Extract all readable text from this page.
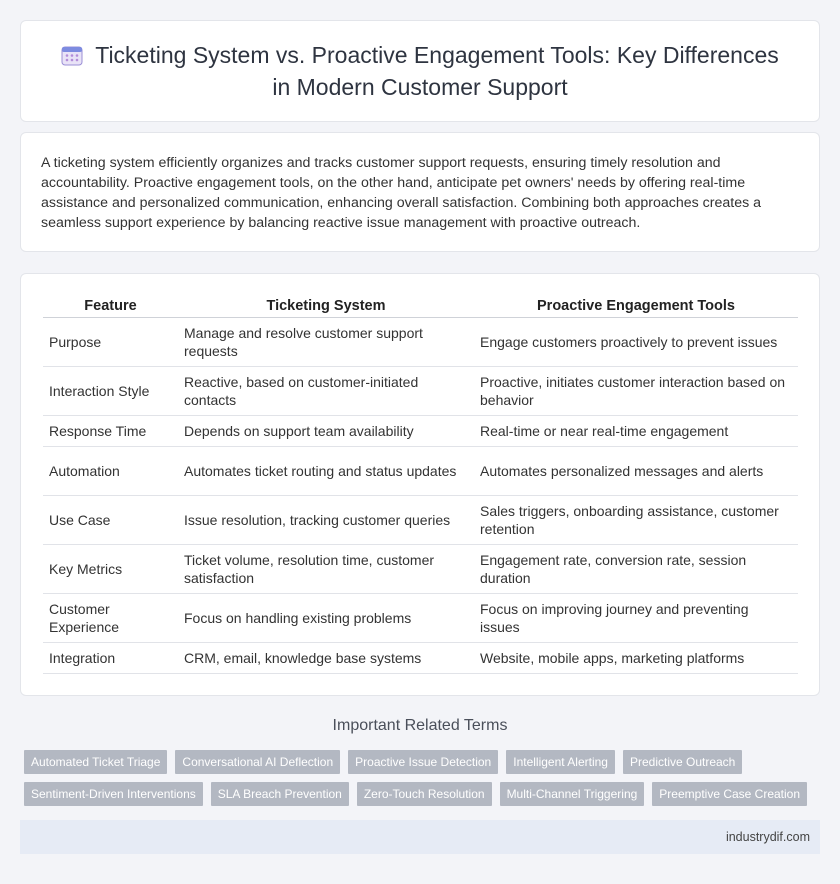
Ticketing System vs. Proactive Engagement Tools: Key Differences in Modern Customer Support

A ticketing system efficiently organizes and tracks customer support requests, ensuring timely resolution and accountability. Proactive engagement tools, on the other hand, anticipate pet owners' needs by offering real-time assistance and personalized communication, enhancing overall satisfaction. Combining both approaches creates a seamless support experience by balancing reactive issue management with proactive outreach.

Feature	Ticketing System	Proactive Engagement Tools
Purpose	Manage and resolve customer support requests	Engage customers proactively to prevent issues
Interaction Style	Reactive, based on customer-initiated contacts	Proactive, initiates customer interaction based on behavior
Response Time	Depends on support team availability	Real-time or near real-time engagement
Automation	Automates ticket routing and status updates	Automates personalized messages and alerts
Use Case	Issue resolution, tracking customer queries	Sales triggers, onboarding assistance, customer retention
Key Metrics	Ticket volume, resolution time, customer satisfaction	Engagement rate, conversion rate, session duration
Customer Experience	Focus on handling existing problems	Focus on improving journey and preventing issues
Integration	CRM, email, knowledge base systems	Website, mobile apps, marketing platforms
Important Related Terms
Automated Ticket Triage	Conversational AI Deflection	Proactive Issue Detection	Intelligent Alerting	Predictive Outreach
Sentiment-Driven Interventions	SLA Breach Prevention	Zero-Touch Resolution	Multi-Channel Triggering	Preemptive Case Creation
industrydif.com
